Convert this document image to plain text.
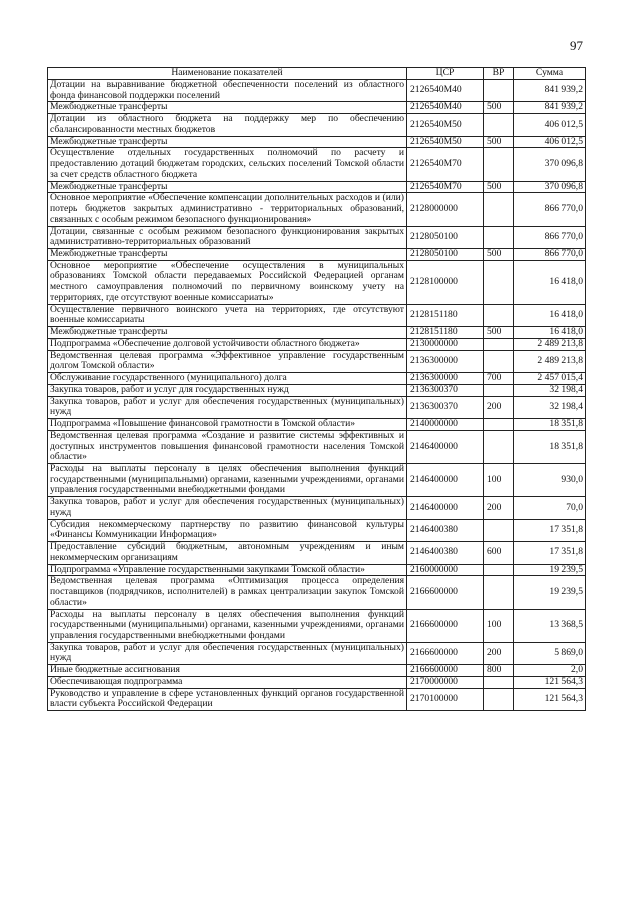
97
Наименование показателей	ЦСР	ВР	Сумма
Дотации на выравнивание бюджетной обеспеченности поселений из областного фонда финансовой поддержки поселений	2126540M40		841 939,2
Межбюджетные трансферты	2126540M40	500	841 939,2
Дотации из областного бюджета на поддержку мер по обеспечению сбалансированности местных бюджетов	2126540M50		406 012,5
Межбюджетные трансферты	2126540M50	500	406 012,5
Осуществление отдельных государственных полномочий по расчету и предоставлению дотаций бюджетам городских, сельских поселений Томской области за счет средств областного бюджета	2126540M70		370 096,8
Межбюджетные трансферты	2126540M70	500	370 096,8
Основное мероприятие «Обеспечение компенсации дополнительных расходов и (или) потерь бюджетов закрытых административно - территориальных образований, связанных с особым режимом безопасного функционирования»	2128000000		866 770,0
Дотации, связанные с особым режимом безопасного функционирования закрытых административно-территориальных образований	2128050100		866 770,0
Межбюджетные трансферты	2128050100	500	866 770,0
Основное мероприятие «Обеспечение осуществления в муниципальных образованиях Томской области передаваемых Российской Федерацией органам местного самоуправления полномочий по первичному воинскому учету на территориях, где отсутствуют военные комиссариаты»	2128100000		16 418,0
Осуществление первичного воинского учета на территориях, где отсутствуют военные комиссариаты	2128151180		16 418,0
Межбюджетные трансферты	2128151180	500	16 418,0
Подпрограмма «Обеспечение долговой устойчивости областного бюджета»	2130000000		2 489 213,8
Ведомственная целевая программа «Эффективное управление государственным долгом Томской области»	2136300000		2 489 213,8
Обслуживание государственного (муниципального) долга	2136300000	700	2 457 015,4
Закупка товаров, работ и услуг для государственных нужд	2136300370		32 198,4
Закупка товаров, работ и услуг для обеспечения государственных (муниципальных) нужд	2136300370	200	32 198,4
Подпрограмма «Повышение финансовой грамотности в Томской области»	2140000000		18 351,8
Ведомственная целевая программа «Создание и развитие системы эффективных и доступных инструментов повышения финансовой грамотности населения Томской области»	2146400000		18 351,8
Расходы на выплаты персоналу в целях обеспечения выполнения функций государственными (муниципальными) органами, казенными учреждениями, органами управления государственными внебюджетными фондами	2146400000	100	930,0
Закупка товаров, работ и услуг для обеспечения государственных (муниципальных) нужд	2146400000	200	70,0
Субсидия некоммерческому партнерству по развитию финансовой культуры «Финансы Коммуникации Информация»	2146400380		17 351,8
Предоставление субсидий бюджетным, автономным учреждениям и иным некоммерческим организациям	2146400380	600	17 351,8
Подпрограмма «Управление государственными закупками Томской области»	2160000000		19 239,5
Ведомственная целевая программа «Оптимизация процесса определения поставщиков (подрядчиков, исполнителей) в рамках централизации закупок Томской области»	2166600000		19 239,5
Расходы на выплаты персоналу в целях обеспечения выполнения функций государственными (муниципальными) органами, казенными учреждениями, органами управления государственными внебюджетными фондами	2166600000	100	13 368,5
Закупка товаров, работ и услуг для обеспечения государственных (муниципальных) нужд	2166600000	200	5 869,0
Иные бюджетные ассигнования	2166600000	800	2,0
Обеспечивающая подпрограмма	2170000000		121 564,3
Руководство и управление в сфере установленных функций органов государственной власти субъекта Российской Федерации	2170100000		121 564,3
